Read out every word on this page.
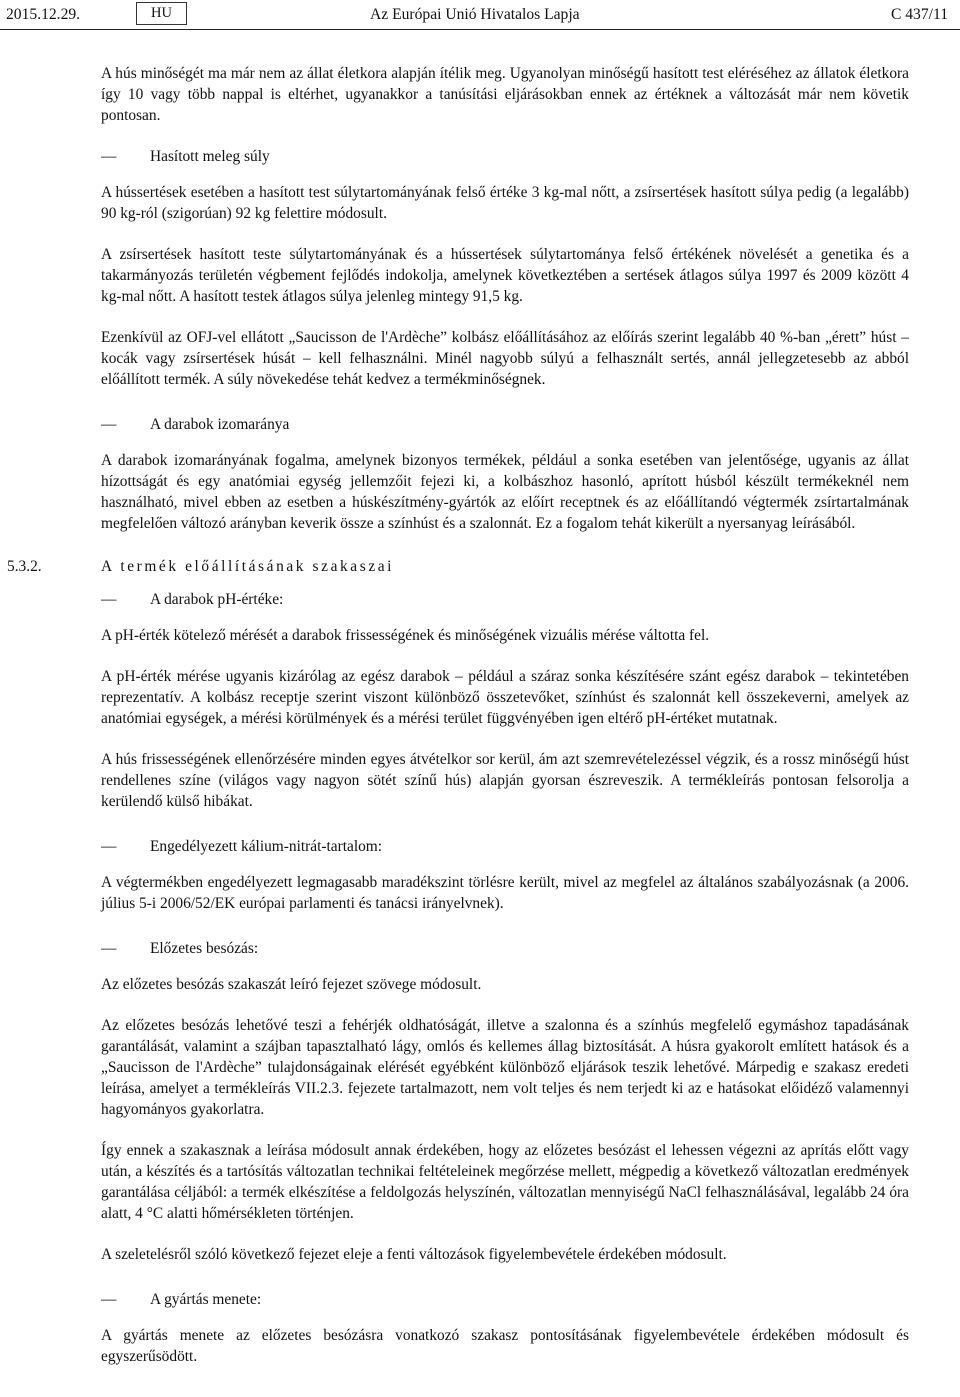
2015.12.29.	HU	Az Európai Unió Hivatalos Lapja	C 437/11

A hús minőségét ma már nem az állat életkora alapján ítélik meg. Ugyanolyan minőségű hasított test eléréséhez az állatok életkora így 10 vagy több nappal is eltérhet, ugyanakkor a tanúsítási eljárásokban ennek az értéknek a változását már nem követik pontosan.

— Hasított meleg súly

A hússertések esetében a hasított test súlytartományának felső értéke 3 kg-mal nőtt, a zsírsertések hasított súlya pedig (a legalább) 90 kg-ról (szigorúan) 92 kg felettire módosult.

A zsírsertések hasított teste súlytartományának és a hússertések súlytartománya felső értékének növelését a genetika és a takarmányozás területén végbement fejlődés indokolja, amelynek következtében a sertések átlagos súlya 1997 és 2009 között 4 kg-mal nőtt. A hasított testek átlagos súlya jelenleg mintegy 91,5 kg.

Ezenkívül az OFJ-vel ellátott „Saucisson de l'Ardèche” kolbász előállításához az előírás szerint legalább 40 %-ban „érett” húst – kocák vagy zsírsertések húsát – kell felhasználni. Minél nagyobb súlyú a felhasznált sertés, annál jellegzetesebb az abból előállított termék. A súly növekedése tehát kedvez a termékminőségnek.

— A darabok izomaránya

A darabok izomarányának fogalma, amelynek bizonyos termékek, például a sonka esetében van jelentősége, ugyanis az állat hízottságát és egy anatómiai egység jellemzőit fejezi ki, a kolbászhoz hasonló, aprított húsból készült termékeknél nem használható, mivel ebben az esetben a húskészítmény-gyártók az előírt receptnek és az előállítandó végtermék zsírtartalmának megfelelően változó arányban keverik össze a színhúst és a szalonnát. Ez a fogalom tehát kikerült a nyersanyag leírásából.

5.3.2.	A termék előállításának szakaszai
— A darabok pH-értéke:

A pH-érték kötelező mérését a darabok frissességének és minőségének vizuális mérése váltotta fel.

A pH-érték mérése ugyanis kizárólag az egész darabok – például a száraz sonka készítésére szánt egész darabok – tekintetében reprezentatív. A kolbász receptje szerint viszont különböző összetevőket, színhúst és szalonnát kell összekeverni, amelyek az anatómiai egységek, a mérési körülmények és a mérési terület függvényében igen eltérő pH-értéket mutatnak.

A hús frissességének ellenőrzésére minden egyes átvételkor sor kerül, ám azt szemrevételezéssel végzik, és a rossz minőségű húst rendellenes színe (világos vagy nagyon sötét színű hús) alapján gyorsan észreveszik. A termékleírás pontosan felsorolja a kerülendő külső hibákat.

— Engedélyezett kálium-nitrát-tartalom:

A végtermékben engedélyezett legmagasabb maradékszint törlésre került, mivel az megfelel az általános szabályozásnak (a 2006. július 5-i 2006/52/EK európai parlamenti és tanácsi irányelvnek).

— Előzetes besózás:

Az előzetes besózás szakaszát leíró fejezet szövege módosult.

Az előzetes besózás lehetővé teszi a fehérjék oldhatóságát, illetve a szalonna és a színhús megfelelő egymáshoz tapadásának garantálását, valamint a szájban tapasztalható lágy, omlós és kellemes állag biztosítását. A húsra gyakorolt említett hatások és a „Saucisson de l'Ardèche” tulajdonságainak elérését egyébként különböző eljárások teszik lehetővé. Márpedig e szakasz eredeti leírása, amelyet a termékleírás VII.2.3. fejezete tartalmazott, nem volt teljes és nem terjedt ki az e hatásokat előidéző valamennyi hagyományos gyakorlatra.

Így ennek a szakasznak a leírása módosult annak érdekében, hogy az előzetes besózást el lehessen végezni az aprítás előtt vagy után, a készítés és a tartósítás változatlan technikai feltételeinek megőrzése mellett, mégpedig a következő változatlan eredmények garantálása céljából: a termék elkészítése a feldolgozás helyszínén, változatlan mennyiségű NaCl felhasználásával, legalább 24 óra alatt, 4 °C alatti hőmérsékleten történjen.

A szeletelésről szóló következő fejezet eleje a fenti változások figyelembevétele érdekében módosult.

— A gyártás menete:

A gyártás menete az előzetes besózásra vonatkozó szakasz pontosításának figyelembevétele érdekében módosult és egyszerűsödött.
